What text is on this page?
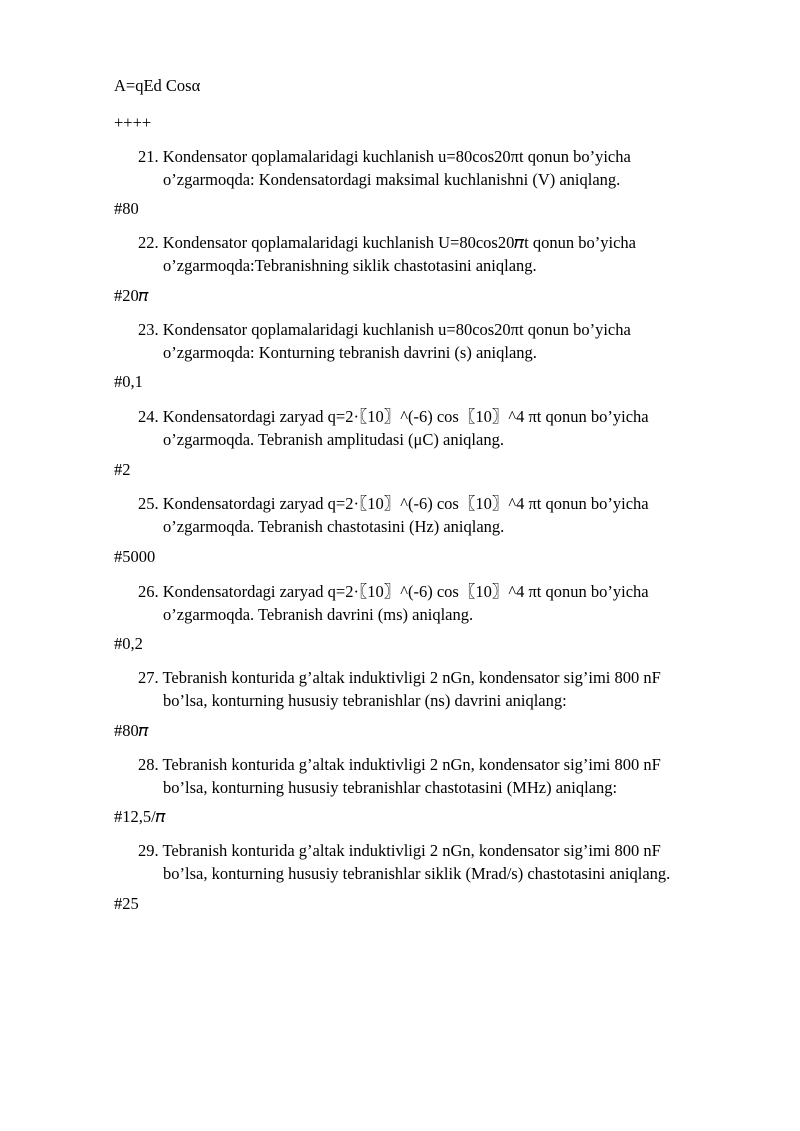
A=qEd Cosα
++++
21. Kondensator qoplamalaridagi kuchlanish u=80cos20πt qonun bo’yicha
o’zgarmoqda: Kondensatordagi maksimal kuchlanishni (V) aniqlang.
#80
22. Kondensator qoplamalaridagi kuchlanish U=80cos20𝜋t qonun bo’yicha
o’zgarmoqda:Tebranishning siklik chastotasini aniqlang.
#20𝜋
23. Kondensator qoplamalaridagi kuchlanish u=80cos20πt qonun bo’yicha
o’zgarmoqda: Konturning tebranish davrini (s) aniqlang.
#0,1
24. Kondensatordagi zaryad q=2·〖10〗^(-6) cos〖10〗^4 πt qonun bo’yicha
o’zgarmoqda. Tebranish amplitudasi (μC) aniqlang.
#2
25. Kondensatordagi zaryad q=2·〖10〗^(-6) cos〖10〗^4 πt qonun bo’yicha
o’zgarmoqda. Tebranish chastotasini (Hz) aniqlang.
#5000
26. Kondensatordagi zaryad q=2·〖10〗^(-6) cos〖10〗^4 πt qonun bo’yicha
o’zgarmoqda. Tebranish davrini (ms) aniqlang.
#0,2
27. Tebranish konturida g’altak induktivligi 2 nGn, kondensator sig’imi 800 nF
bo’lsa, konturning hususiy tebranishlar (ns) davrini aniqlang:
#80𝜋
28. Tebranish konturida g’altak induktivligi 2 nGn, kondensator sig’imi 800 nF
bo’lsa, konturning hususiy tebranishlar chastotasini (MHz) aniqlang:
#12,5/𝜋
29. Tebranish konturida g’altak induktivligi 2 nGn, kondensator sig’imi 800 nF
bo’lsa, konturning hususiy tebranishlar siklik (Mrad/s) chastotasini aniqlang.
#25
